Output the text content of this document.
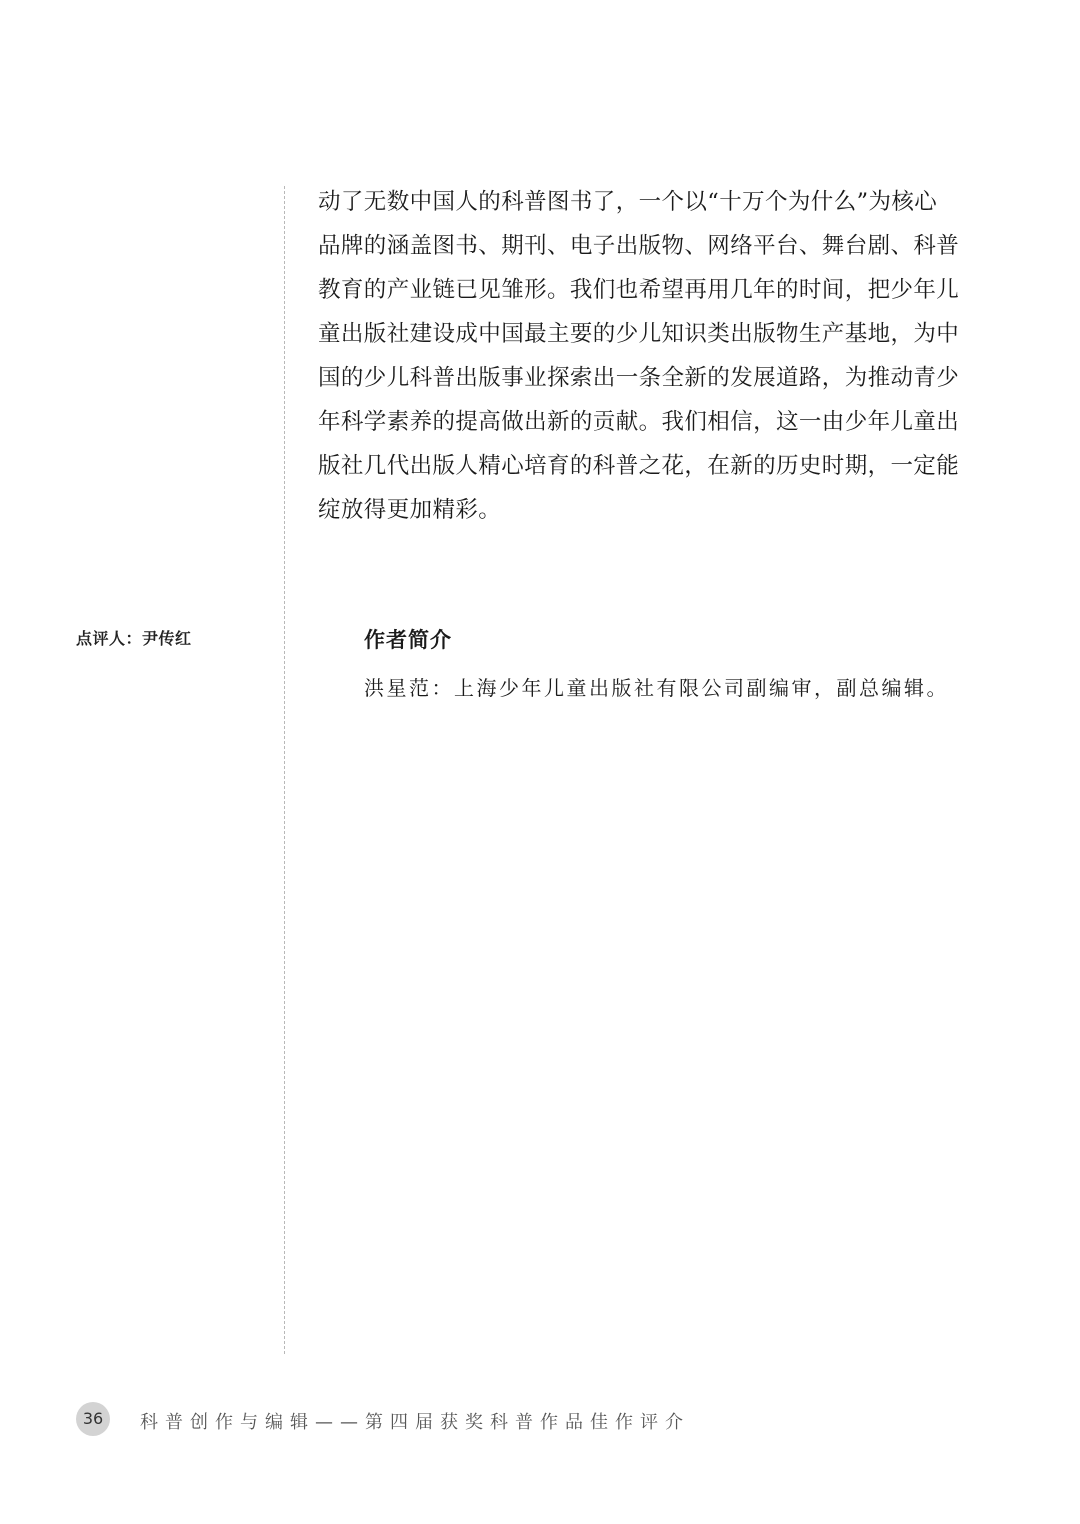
动了无数中国人的科普图书了，一个以“十万个为什么”为核心
品牌的涵盖图书、期刊、电子出版物、网络平台、舞台剧、科普
教育的产业链已见雏形。我们也希望再用几年的时间，把少年儿
童出版社建设成中国最主要的少儿知识类出版物生产基地，为中
国的少儿科普出版事业探索出一条全新的发展道路，为推动青少
年科学素养的提高做出新的贡献。我们相信，这一由少年儿童出
版社几代出版人精心培育的科普之花，在新的历史时期，一定能
绽放得更加精彩。
点评人：尹传红	作者简介
洪星范：上海少年儿童出版社有限公司副编审，副总编辑。
36	科普创作与编辑——第四届获奖科普作品佳作评介
